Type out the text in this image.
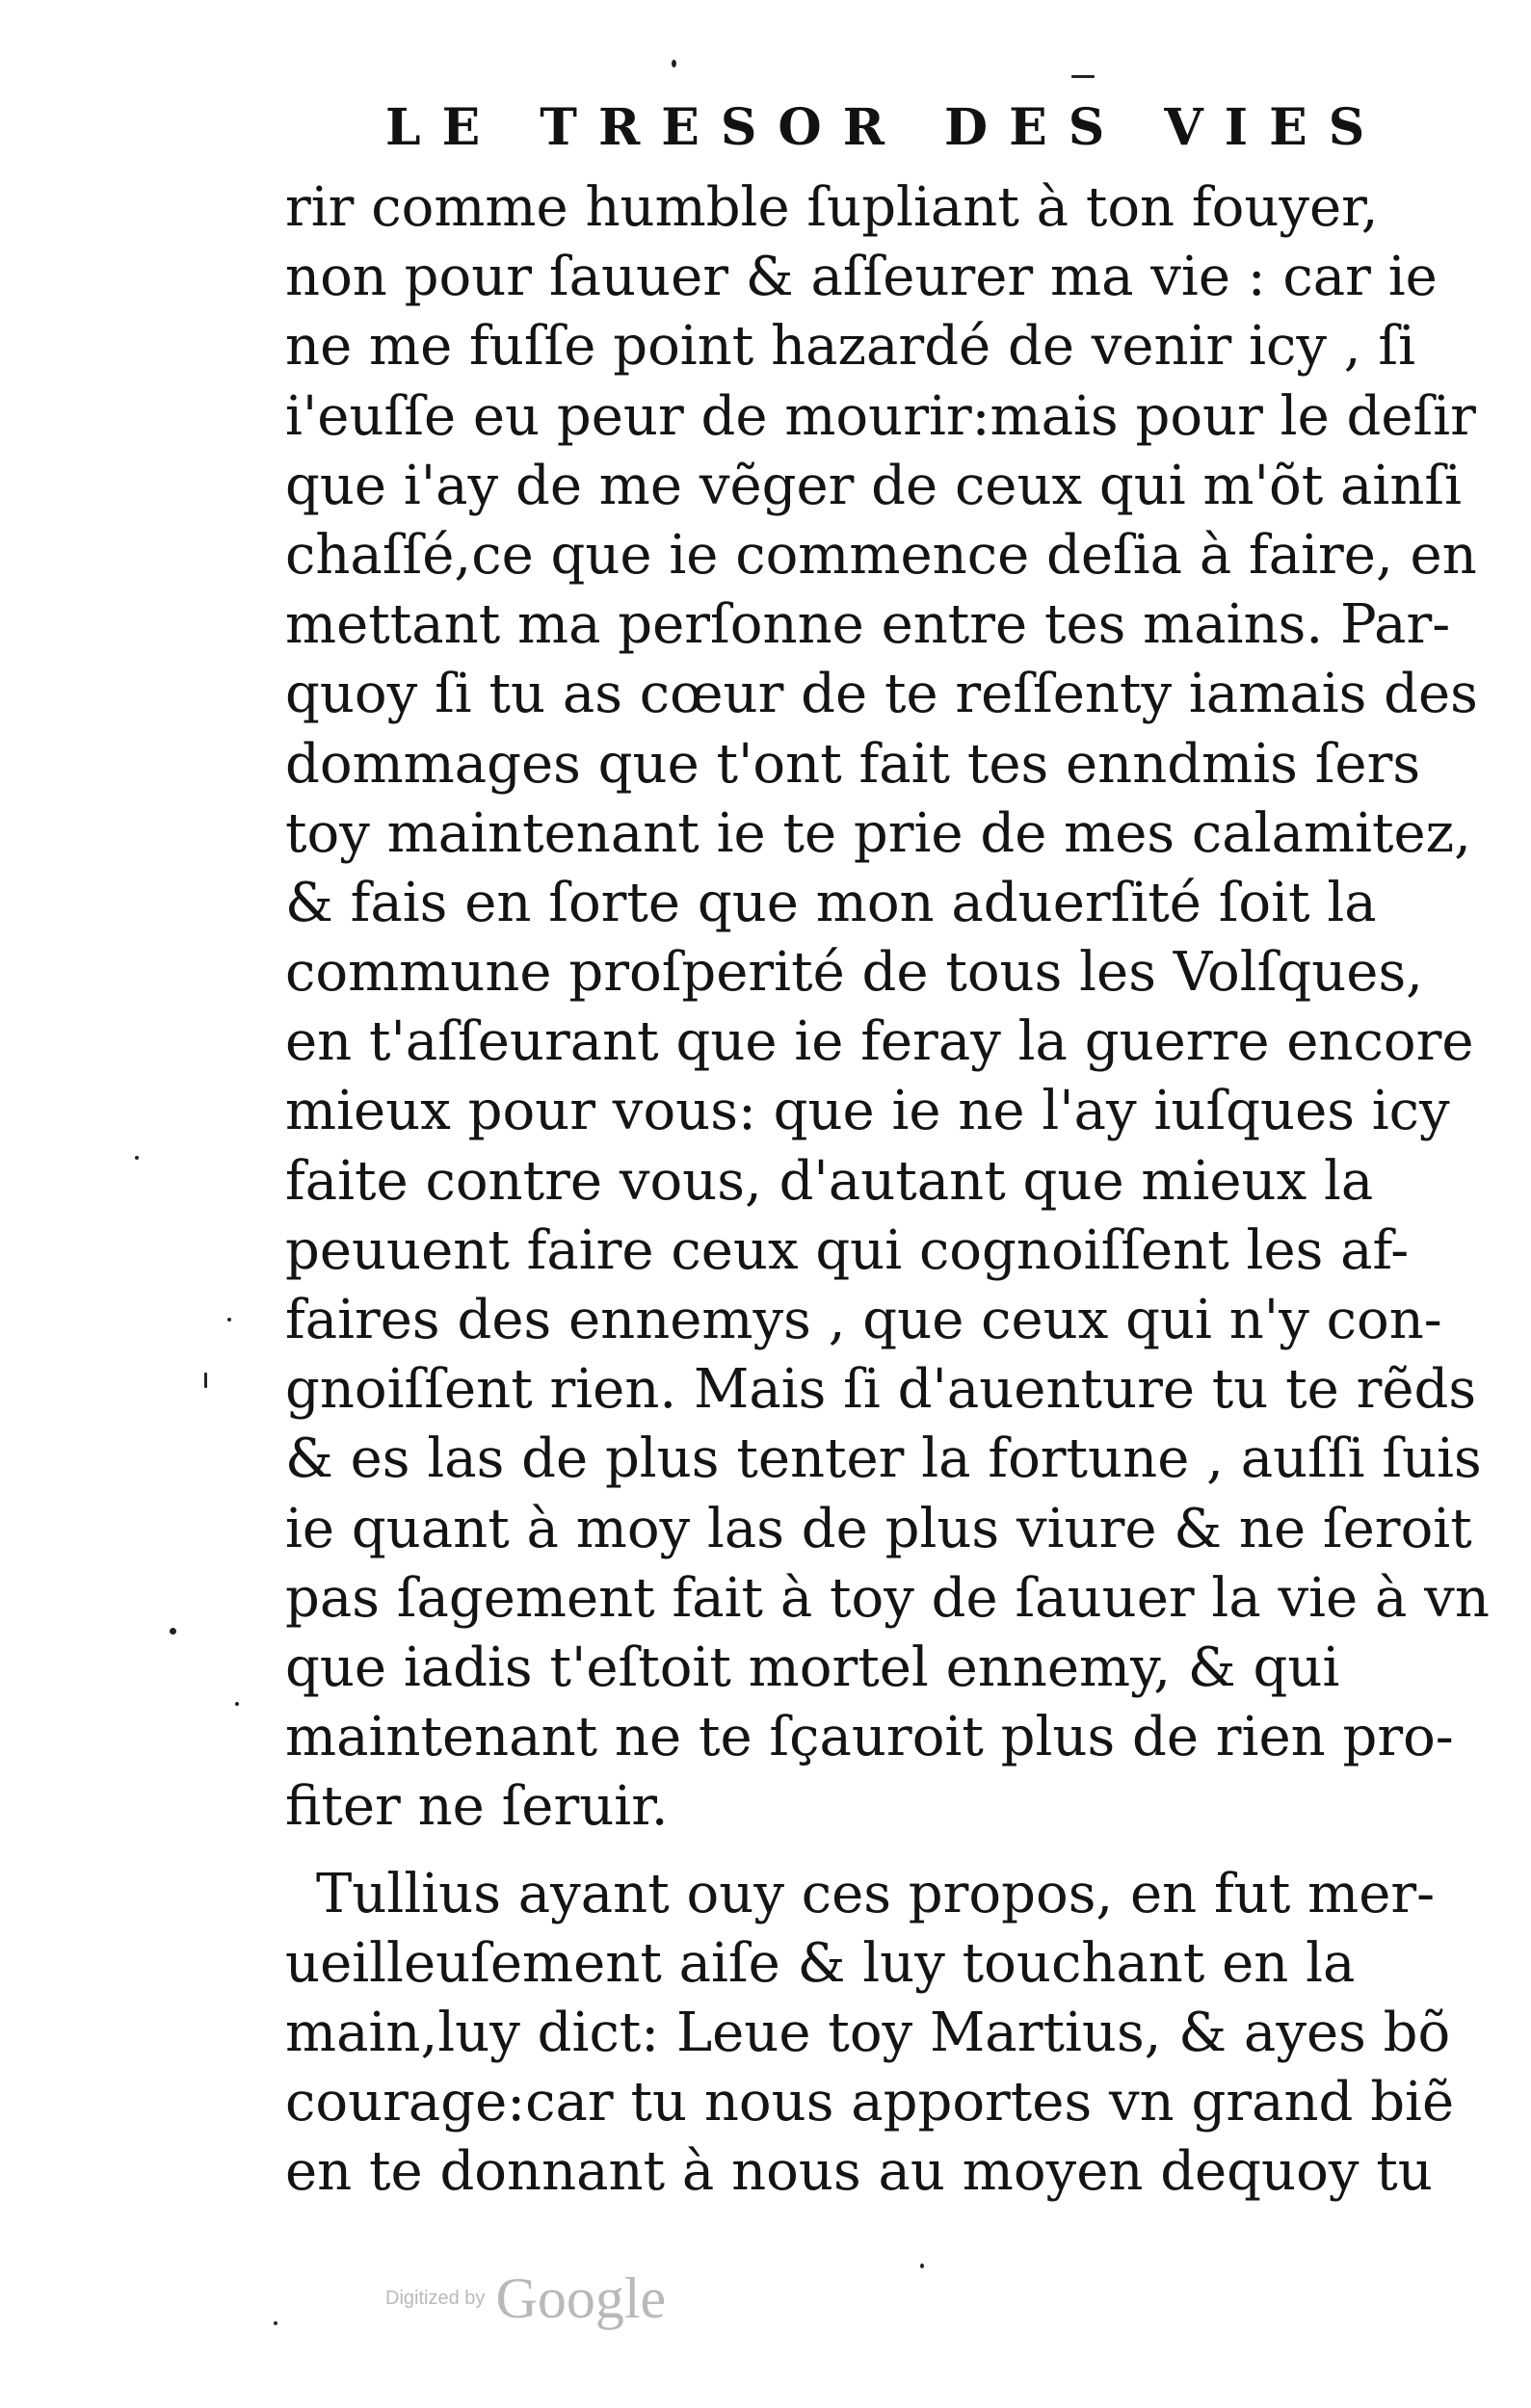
LE TRESOR DES VIES
rir comme humble ſupliant à ton fouyer,
non pour ſauuer & aſſeurer ma vie : car ie
ne me fuſſe point hazardé de venir icy , ſi
i'euſſe eu peur de mourir:mais pour le deſir
que i'ay de me vẽger de ceux qui m'õt ainſi
chaſſé,ce que ie commence deſia à faire, en
mettant ma perſonne entre tes mains. Par-
quoy ſi tu as cœur de te reſſenty iamais des
dommages que t'ont fait tes enndmis ſers
toy maintenant ie te prie de mes calamitez,
& fais en ſorte que mon aduerſité ſoit la
commune proſperité de tous les Volſques,
en t'aſſeurant que ie feray la guerre encore
mieux pour vous: que ie ne l'ay iuſques icy
faite contre vous, d'autant que mieux la
peuuent faire ceux qui cognoiſſent les af-
faires des ennemys , que ceux qui n'y con-
gnoiſſent rien. Mais ſi d'auenture tu te rẽds
& es las de plus tenter la fortune , auſſi ſuis
ie quant à moy las de plus viure & ne ſeroit
pas ſagement fait à toy de ſauuer la vie à vn
que iadis t'eſtoit mortel ennemy, & qui
maintenant ne te ſçauroit plus de rien pro-
fiter ne ſeruir.
Tullius ayant ouy ces propos, en fut mer-
ueilleuſement aiſe & luy touchant en la
main,luy dict: Leue toy Martius, & ayes bõ
courage:car tu nous apportes vn grand biẽ
en te donnant à nous au moyen dequoy tu
Digitized by Google
